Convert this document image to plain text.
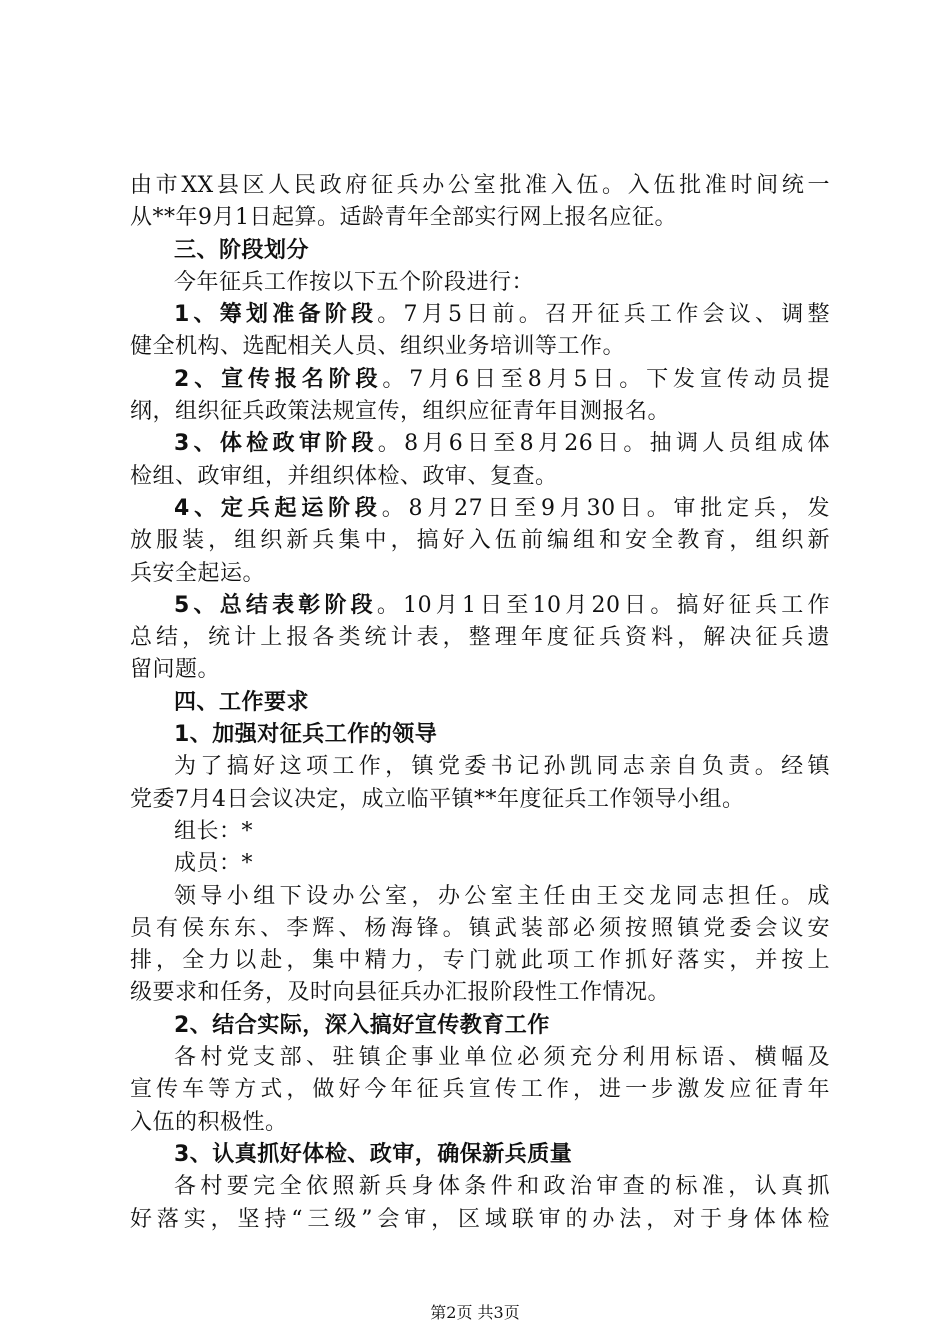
由市XX县区人民政府征兵办公室批准入伍。入伍批准时间统一
从**年9月1日起算。适龄青年全部实行网上报名应征。
三、阶段划分
今年征兵工作按以下五个阶段进行：
1、筹划准备阶段。7月5日前。召开征兵工作会议、调整
健全机构、选配相关人员、组织业务培训等工作。
2、宣传报名阶段。7月6日至8月5日。下发宣传动员提
纲，组织征兵政策法规宣传，组织应征青年目测报名。
3、体检政审阶段。8月6日至8月26日。抽调人员组成体
检组、政审组，并组织体检、政审、复查。
4、定兵起运阶段。8月27日至9月30日。审批定兵，发
放服装，组织新兵集中，搞好入伍前编组和安全教育，组织新
兵安全起运。
5、总结表彰阶段。10月1日至10月20日。搞好征兵工作
总结，统计上报各类统计表，整理年度征兵资料，解决征兵遗
留问题。
四、工作要求
1、加强对征兵工作的领导
为了搞好这项工作，镇党委书记孙凯同志亲自负责。经镇
党委7月4日会议决定，成立临平镇**年度征兵工作领导小组。
组长：*
成员：*
领导小组下设办公室，办公室主任由王交龙同志担任。成
员有侯东东、李辉、杨海锋。镇武装部必须按照镇党委会议安
排，全力以赴，集中精力，专门就此项工作抓好落实，并按上
级要求和任务，及时向县征兵办汇报阶段性工作情况。
2、结合实际，深入搞好宣传教育工作
各村党支部、驻镇企事业单位必须充分利用标语、横幅及
宣传车等方式，做好今年征兵宣传工作，进一步激发应征青年
入伍的积极性。
3、认真抓好体检、政审，确保新兵质量
各村要完全依照新兵身体条件和政治审查的标准，认真抓
好落实，坚持“三级”会审，区域联审的办法，对于身体体检
第2页 共3页
